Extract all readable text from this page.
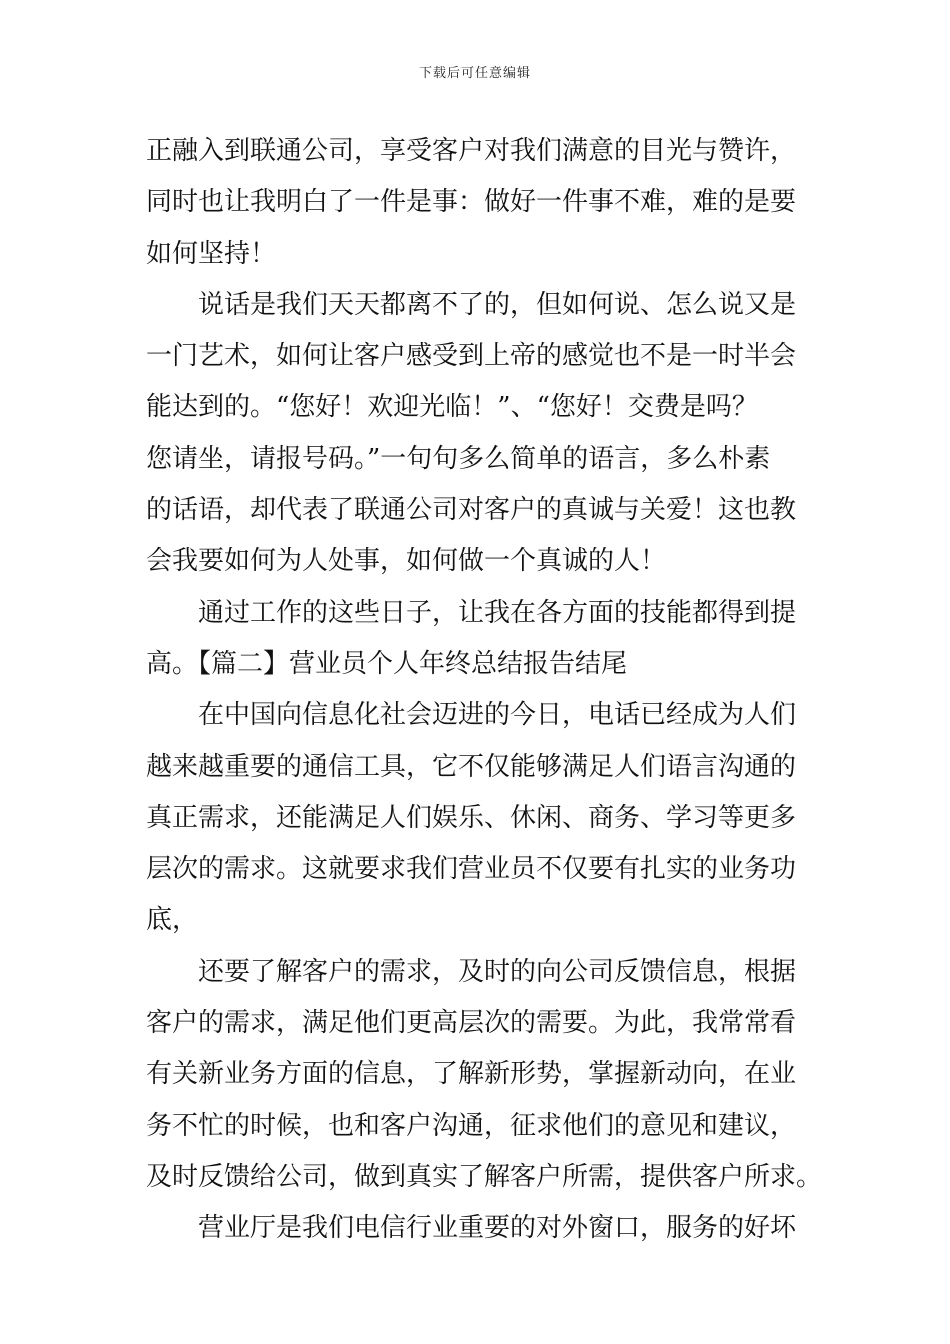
下载后可任意编辑
正融入到联通公司，享受客户对我们满意的目光与赞许，
同时也让我明白了一件是事：做好一件事不难，难的是要
如何坚持！
说话是我们天天都离不了的，但如何说、怎么说又是
一门艺术，如何让客户感受到上帝的感觉也不是一时半会
能达到的。“您好！欢迎光临！”、“您好！交费是吗？
您请坐，请报号码。”一句句多么简单的语言，多么朴素
的话语，却代表了联通公司对客户的真诚与关爱！这也教
会我要如何为人处事，如何做一个真诚的人！
通过工作的这些日子，让我在各方面的技能都得到提
高。【篇二】营业员个人年终总结报告结尾
在中国向信息化社会迈进的今日，电话已经成为人们
越来越重要的通信工具，它不仅能够满足人们语言沟通的
真正需求，还能满足人们娱乐、休闲、商务、学习等更多
层次的需求。这就要求我们营业员不仅要有扎实的业务功
底，
还要了解客户的需求，及时的向公司反馈信息，根据
客户的需求，满足他们更高层次的需要。为此，我常常看
有关新业务方面的信息，了解新形势，掌握新动向，在业
务不忙的时候，也和客户沟通，征求他们的意见和建议，
及时反馈给公司，做到真实了解客户所需，提供客户所求。
营业厅是我们电信行业重要的对外窗口，服务的好坏
